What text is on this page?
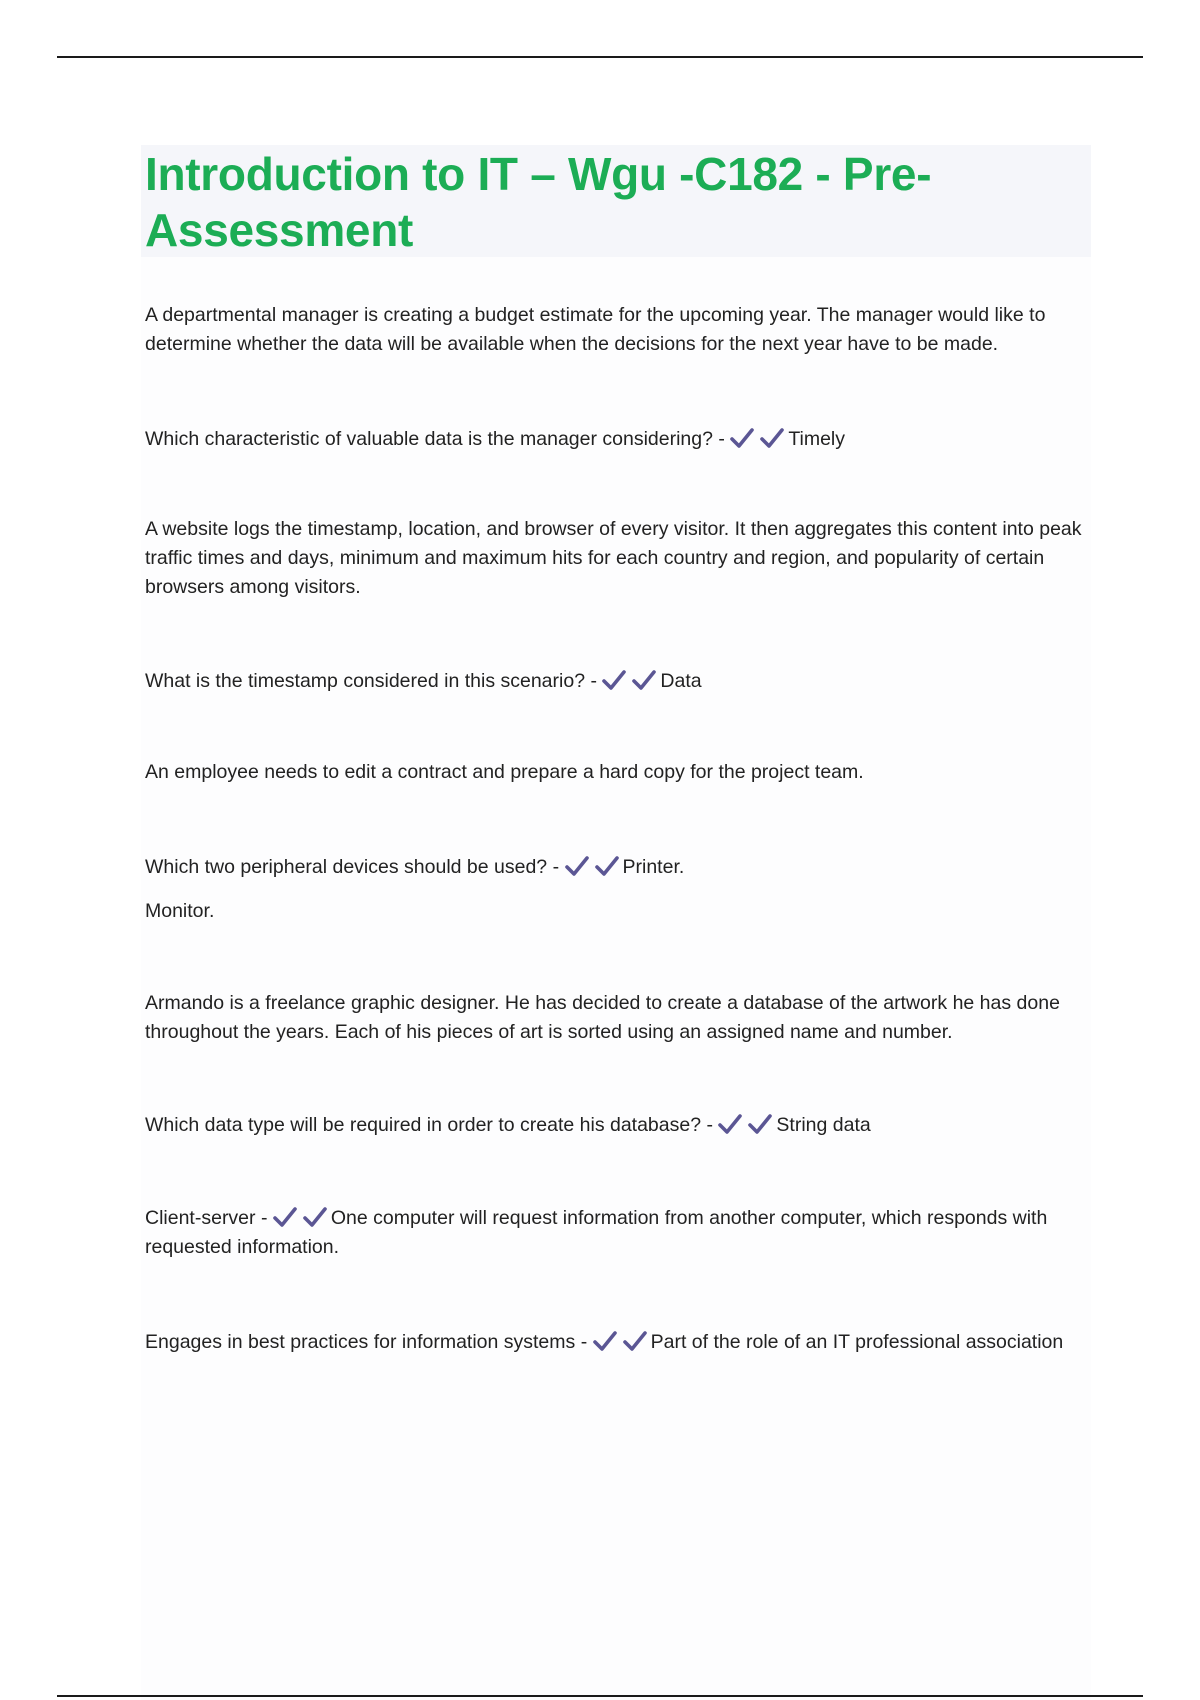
Introduction to IT – Wgu -C182 - Pre-Assessment

A departmental manager is creating a budget estimate for the upcoming year. The manager would like to determine whether the data will be available when the decisions for the next year have to be made.

Which characteristic of valuable data is the manager considering? -	Timely

A website logs the timestamp, location, and browser of every visitor. It then aggregates this content into peak traffic times and days, minimum and maximum hits for each country and region, and popularity of certain browsers among visitors.

What is the timestamp considered in this scenario? -	Data

An employee needs to edit a contract and prepare a hard copy for the project team.

Which two peripheral devices should be used? -	Printer.

Monitor.

Armando is a freelance graphic designer. He has decided to create a database of the artwork he has done throughout the years. Each of his pieces of art is sorted using an assigned name and number.

Which data type will be required in order to create his database? -	String data

Client-server -	One computer will request information from another computer, which responds with requested information.

Engages in best practices for information systems -	Part of the role of an IT professional association
